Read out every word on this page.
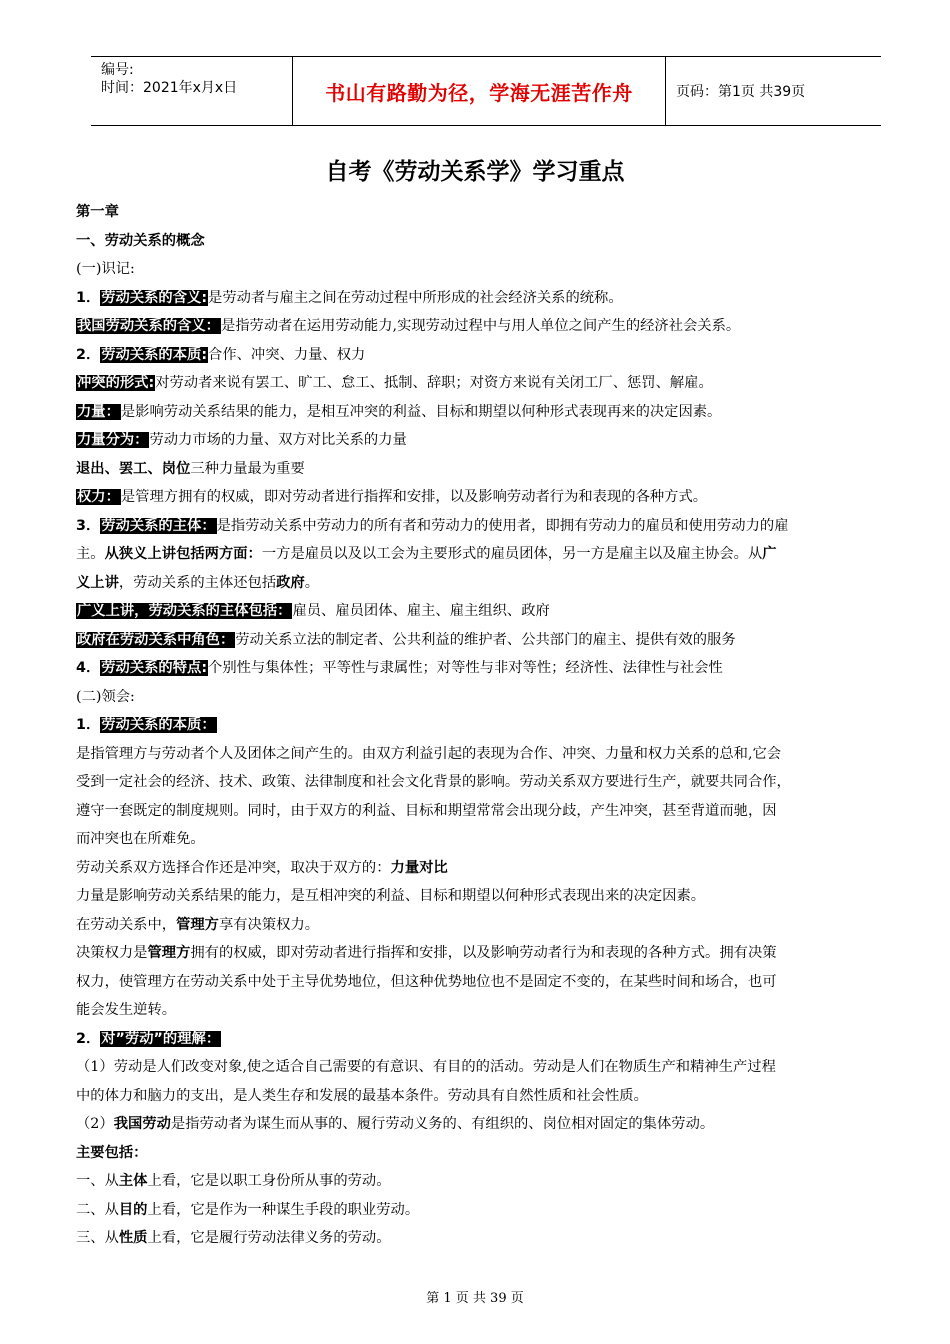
编号:
时间：2021年x月x日	书山有路勤为径，学海无涯苦作舟	页码：第1页 共39页
自考《劳动关系学》学习重点

第一章

一、劳动关系的概念

(一)识记:

1．劳动关系的含义:是劳动者与雇主之间在劳动过程中所形成的社会经济关系的统称。

我国劳动关系的含义：是指劳动者在运用劳动能力,实现劳动过程中与用人单位之间产生的经济社会关系。

2．劳动关系的本质:合作、冲突、力量、权力

冲突的形式:对劳动者来说有罢工、旷工、怠工、抵制、辞职；对资方来说有关闭工厂、惩罚、解雇。

力量：是影响劳动关系结果的能力，是相互冲突的利益、目标和期望以何种形式表现再来的决定因素。

力量分为：劳动力市场的力量、双方对比关系的力量

退出、罢工、岗位三种力量最为重要

权力：是管理方拥有的权威，即对劳动者进行指挥和安排，以及影响劳动者行为和表现的各种方式。

3．劳动关系的主体：是指劳动关系中劳动力的所有者和劳动力的使用者，即拥有劳动力的雇员和使用劳动力的雇

主。从狭义上讲包括两方面：一方是雇员以及以工会为主要形式的雇员团体，另一方是雇主以及雇主协会。从广

义上讲，劳动关系的主体还包括政府。

广义上讲，劳动关系的主体包括：雇员、雇员团体、雇主、雇主组织、政府

政府在劳动关系中角色：劳动关系立法的制定者、公共利益的维护者、公共部门的雇主、提供有效的服务

4．劳动关系的特点:个别性与集体性；平等性与隶属性；对等性与非对等性；经济性、法律性与社会性

(二)领会:

1．劳动关系的本质：

是指管理方与劳动者个人及团体之间产生的。由双方利益引起的表现为合作、冲突、力量和权力关系的总和,它会

受到一定社会的经济、技术、政策、法律制度和社会文化背景的影响。劳动关系双方要进行生产，就要共同合作，

遵守一套既定的制度规则。同时，由于双方的利益、目标和期望常常会出现分歧，产生冲突，甚至背道而驰，因

而冲突也在所难免。

劳动关系双方选择合作还是冲突，取决于双方的：力量对比

力量是影响劳动关系结果的能力，是互相冲突的利益、目标和期望以何种形式表现出来的决定因素。

在劳动关系中，管理方享有决策权力。

决策权力是管理方拥有的权威，即对劳动者进行指挥和安排，以及影响劳动者行为和表现的各种方式。拥有决策

权力，使管理方在劳动关系中处于主导优势地位，但这种优势地位也不是固定不变的，在某些时间和场合，也可

能会发生逆转。

2．对”劳动”的理解：

（1）劳动是人们改变对象,使之适合自己需要的有意识、有目的的活动。劳动是人们在物质生产和精神生产过程

中的体力和脑力的支出，是人类生存和发展的最基本条件。劳动具有自然性质和社会性质。

（2）我国劳动是指劳动者为谋生而从事的、履行劳动义务的、有组织的、岗位相对固定的集体劳动。

主要包括：

一、从主体上看，它是以职工身份所从事的劳动。

二、从目的上看，它是作为一种谋生手段的职业劳动。

三、从性质上看，它是履行劳动法律义务的劳动。

第 1 页 共 39 页
